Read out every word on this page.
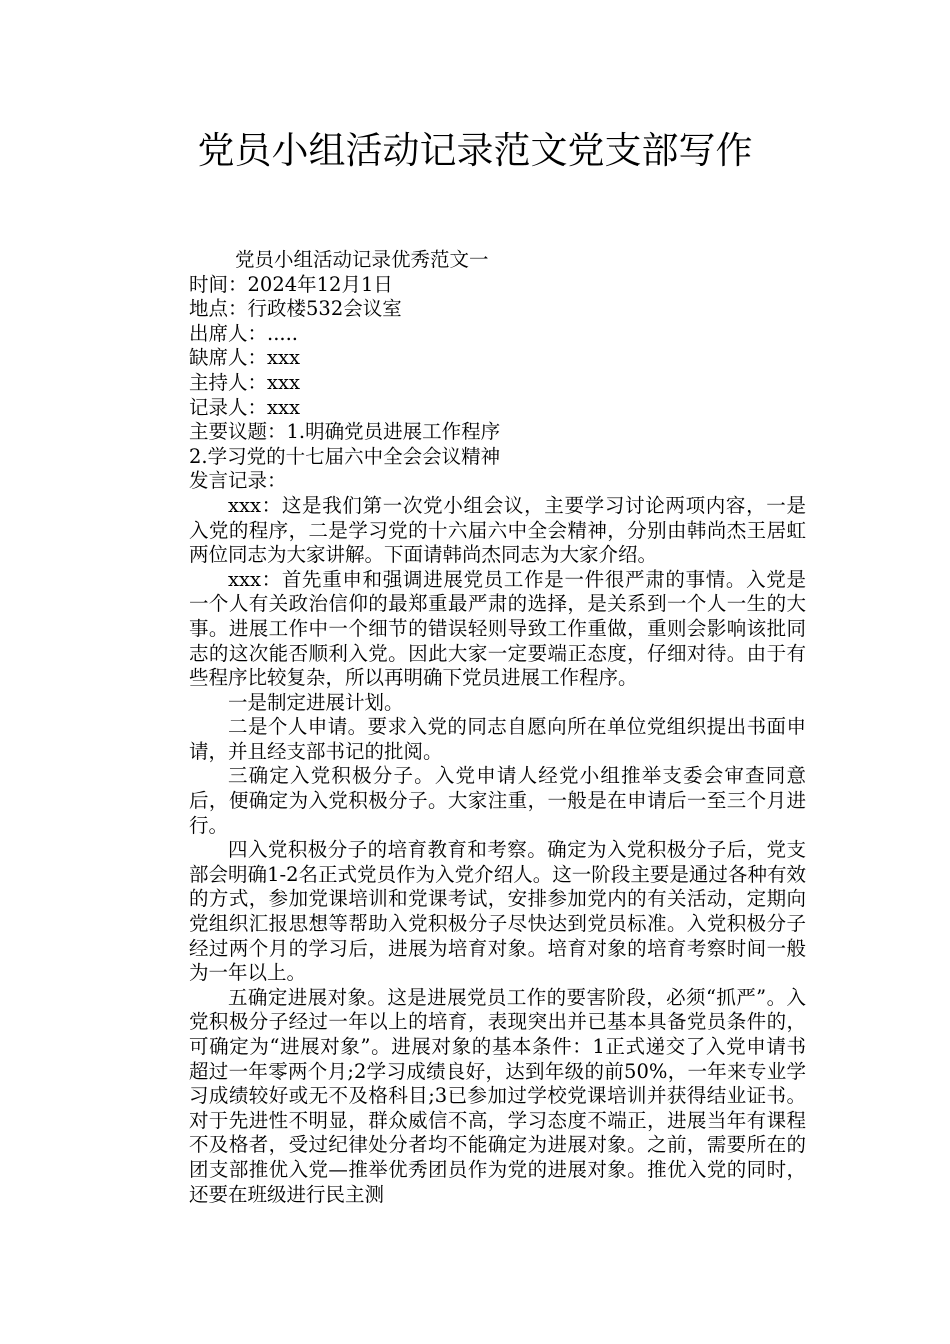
党员小组活动记录范文党支部写作
党员小组活动记录优秀范文一
时间：2024年12月1日
地点：行政楼532会议室
出席人：.....
缺席人：xxx
主持人：xxx
记录人：xxx
主要议题：1.明确党员进展工作程序
2.学习党的十七届六中全会会议精神
发言记录：

xxx：这是我们第一次党小组会议，主要学习讨论两项内容，一是入党的程序，二是学习党的十六届六中全会精神，分别由韩尚杰王居虹两位同志为大家讲解。下面请韩尚杰同志为大家介绍。

xxx：首先重申和强调进展党员工作是一件很严肃的事情。入党是一个人有关政治信仰的最郑重最严肃的选择，是关系到一个人一生的大事。进展工作中一个细节的错误轻则导致工作重做，重则会影响该批同志的这次能否顺利入党。因此大家一定要端正态度，仔细对待。由于有些程序比较复杂，所以再明确下党员进展工作程序。

一是制定进展计划。

二是个人申请。要求入党的同志自愿向所在单位党组织提出书面申请，并且经支部书记的批阅。

三确定入党积极分子。入党申请人经党小组推举支委会审查同意后，便确定为入党积极分子。大家注重，一般是在申请后一至三个月进行。

四入党积极分子的培育教育和考察。确定为入党积极分子后，党支部会明确1-2名正式党员作为入党介绍人。这一阶段主要是通过各种有效的方式，参加党课培训和党课考试，安排参加党内的有关活动，定期向党组织汇报思想等帮助入党积极分子尽快达到党员标准。入党积极分子经过两个月的学习后，进展为培育对象。培育对象的培育考察时间一般为一年以上。

五确定进展对象。这是进展党员工作的要害阶段，必须“抓严”。入党积极分子经过一年以上的培育，表现突出并已基本具备党员条件的，可确定为“进展对象”。进展对象的基本条件：1正式递交了入党申请书超过一年零两个月;2学习成绩良好，达到年级的前50%，一年来专业学习成绩较好或无不及格科目;3已参加过学校党课培训并获得结业证书。对于先进性不明显，群众威信不高，学习态度不端正，进展当年有课程不及格者，受过纪律处分者均不能确定为进展对象。之前，需要所在的团支部推优入党—推举优秀团员作为党的进展对象。推优入党的同时，还要在班级进行民主测
